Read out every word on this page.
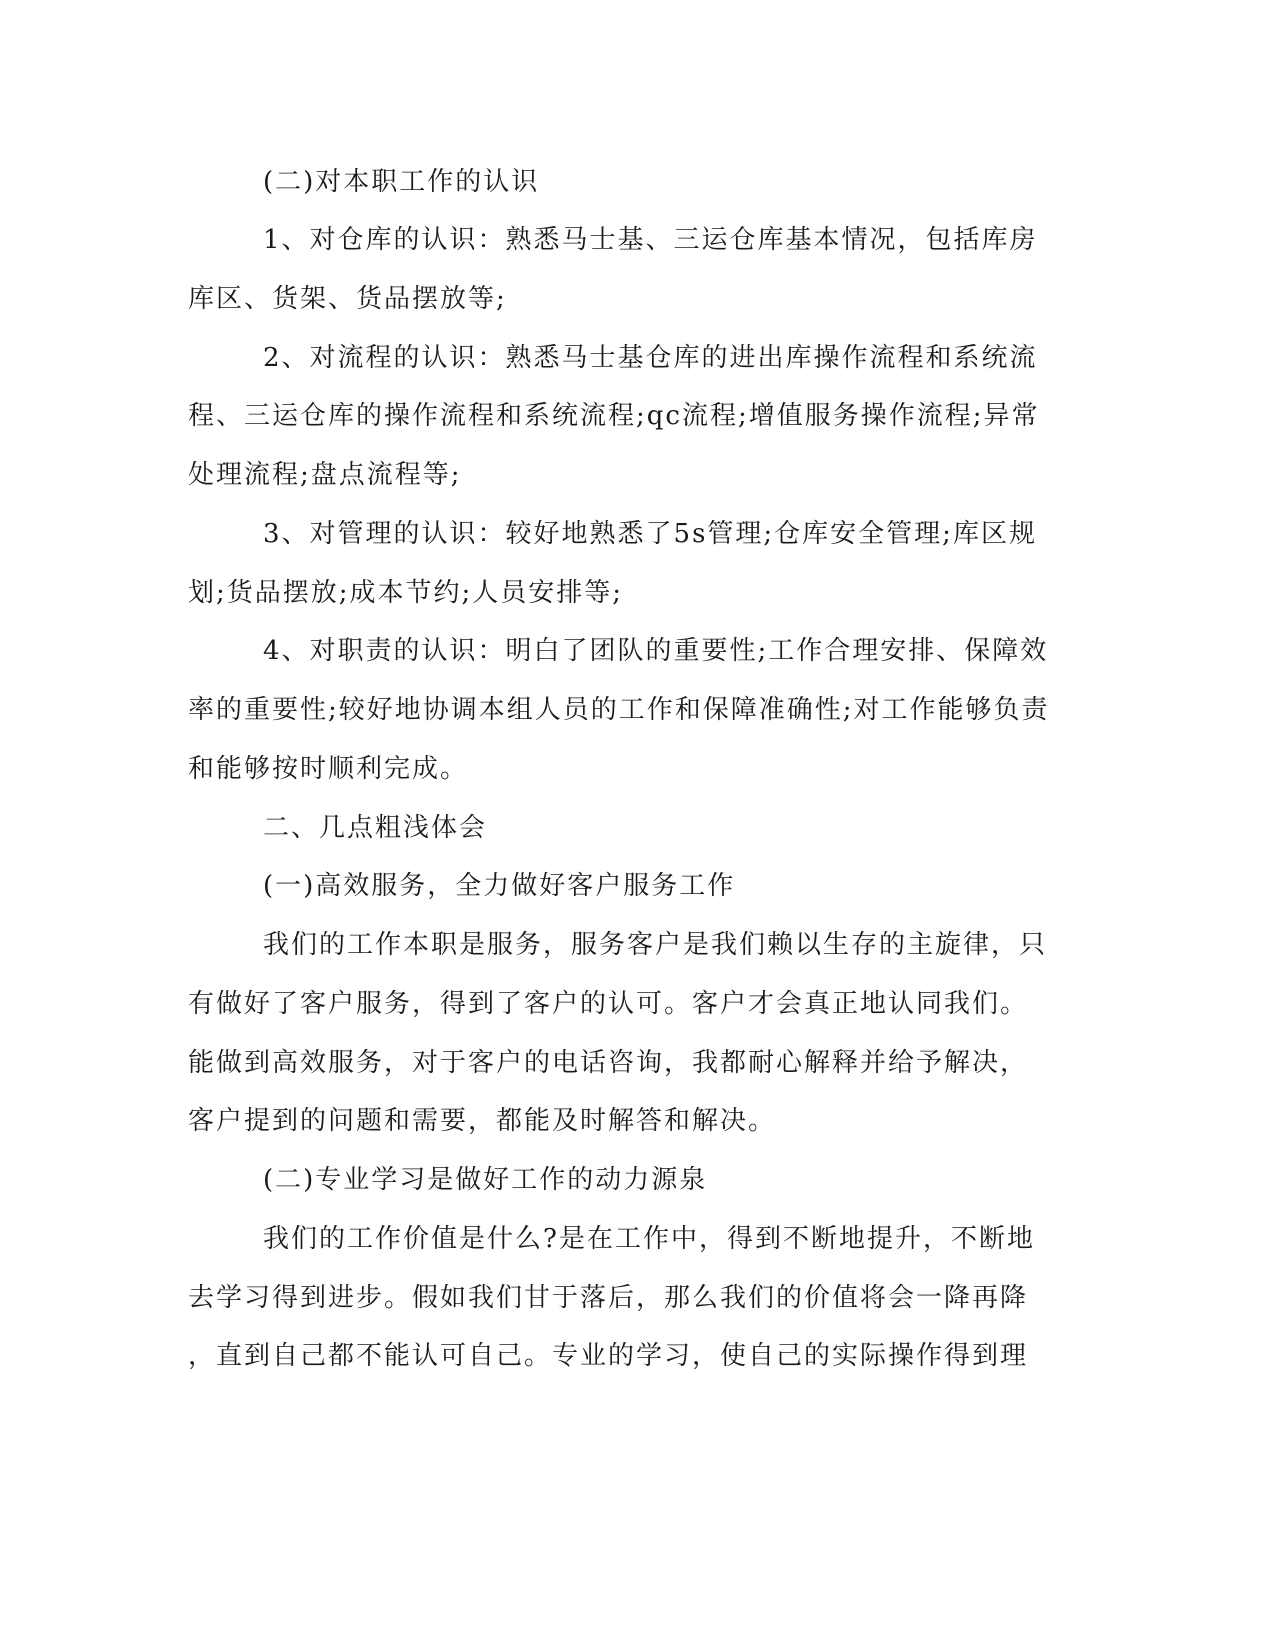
(二)对本职工作的认识
1、对仓库的认识：熟悉马士基、三运仓库基本情况，包括库房
库区、货架、货品摆放等;
2、对流程的认识：熟悉马士基仓库的进出库操作流程和系统流
程、三运仓库的操作流程和系统流程;qc流程;增值服务操作流程;异常
处理流程;盘点流程等;
3、对管理的认识：较好地熟悉了5s管理;仓库安全管理;库区规
划;货品摆放;成本节约;人员安排等;
4、对职责的认识：明白了团队的重要性;工作合理安排、保障效
率的重要性;较好地协调本组人员的工作和保障准确性;对工作能够负责
和能够按时顺利完成。
二、几点粗浅体会
(一)高效服务，全力做好客户服务工作
我们的工作本职是服务，服务客户是我们赖以生存的主旋律，只
有做好了客户服务，得到了客户的认可。客户才会真正地认同我们。
能做到高效服务，对于客户的电话咨询，我都耐心解释并给予解决，
客户提到的问题和需要，都能及时解答和解决。
(二)专业学习是做好工作的动力源泉
我们的工作价值是什么?是在工作中，得到不断地提升，不断地
去学习得到进步。假如我们甘于落后，那么我们的价值将会一降再降
，直到自己都不能认可自己。专业的学习，使自己的实际操作得到理
